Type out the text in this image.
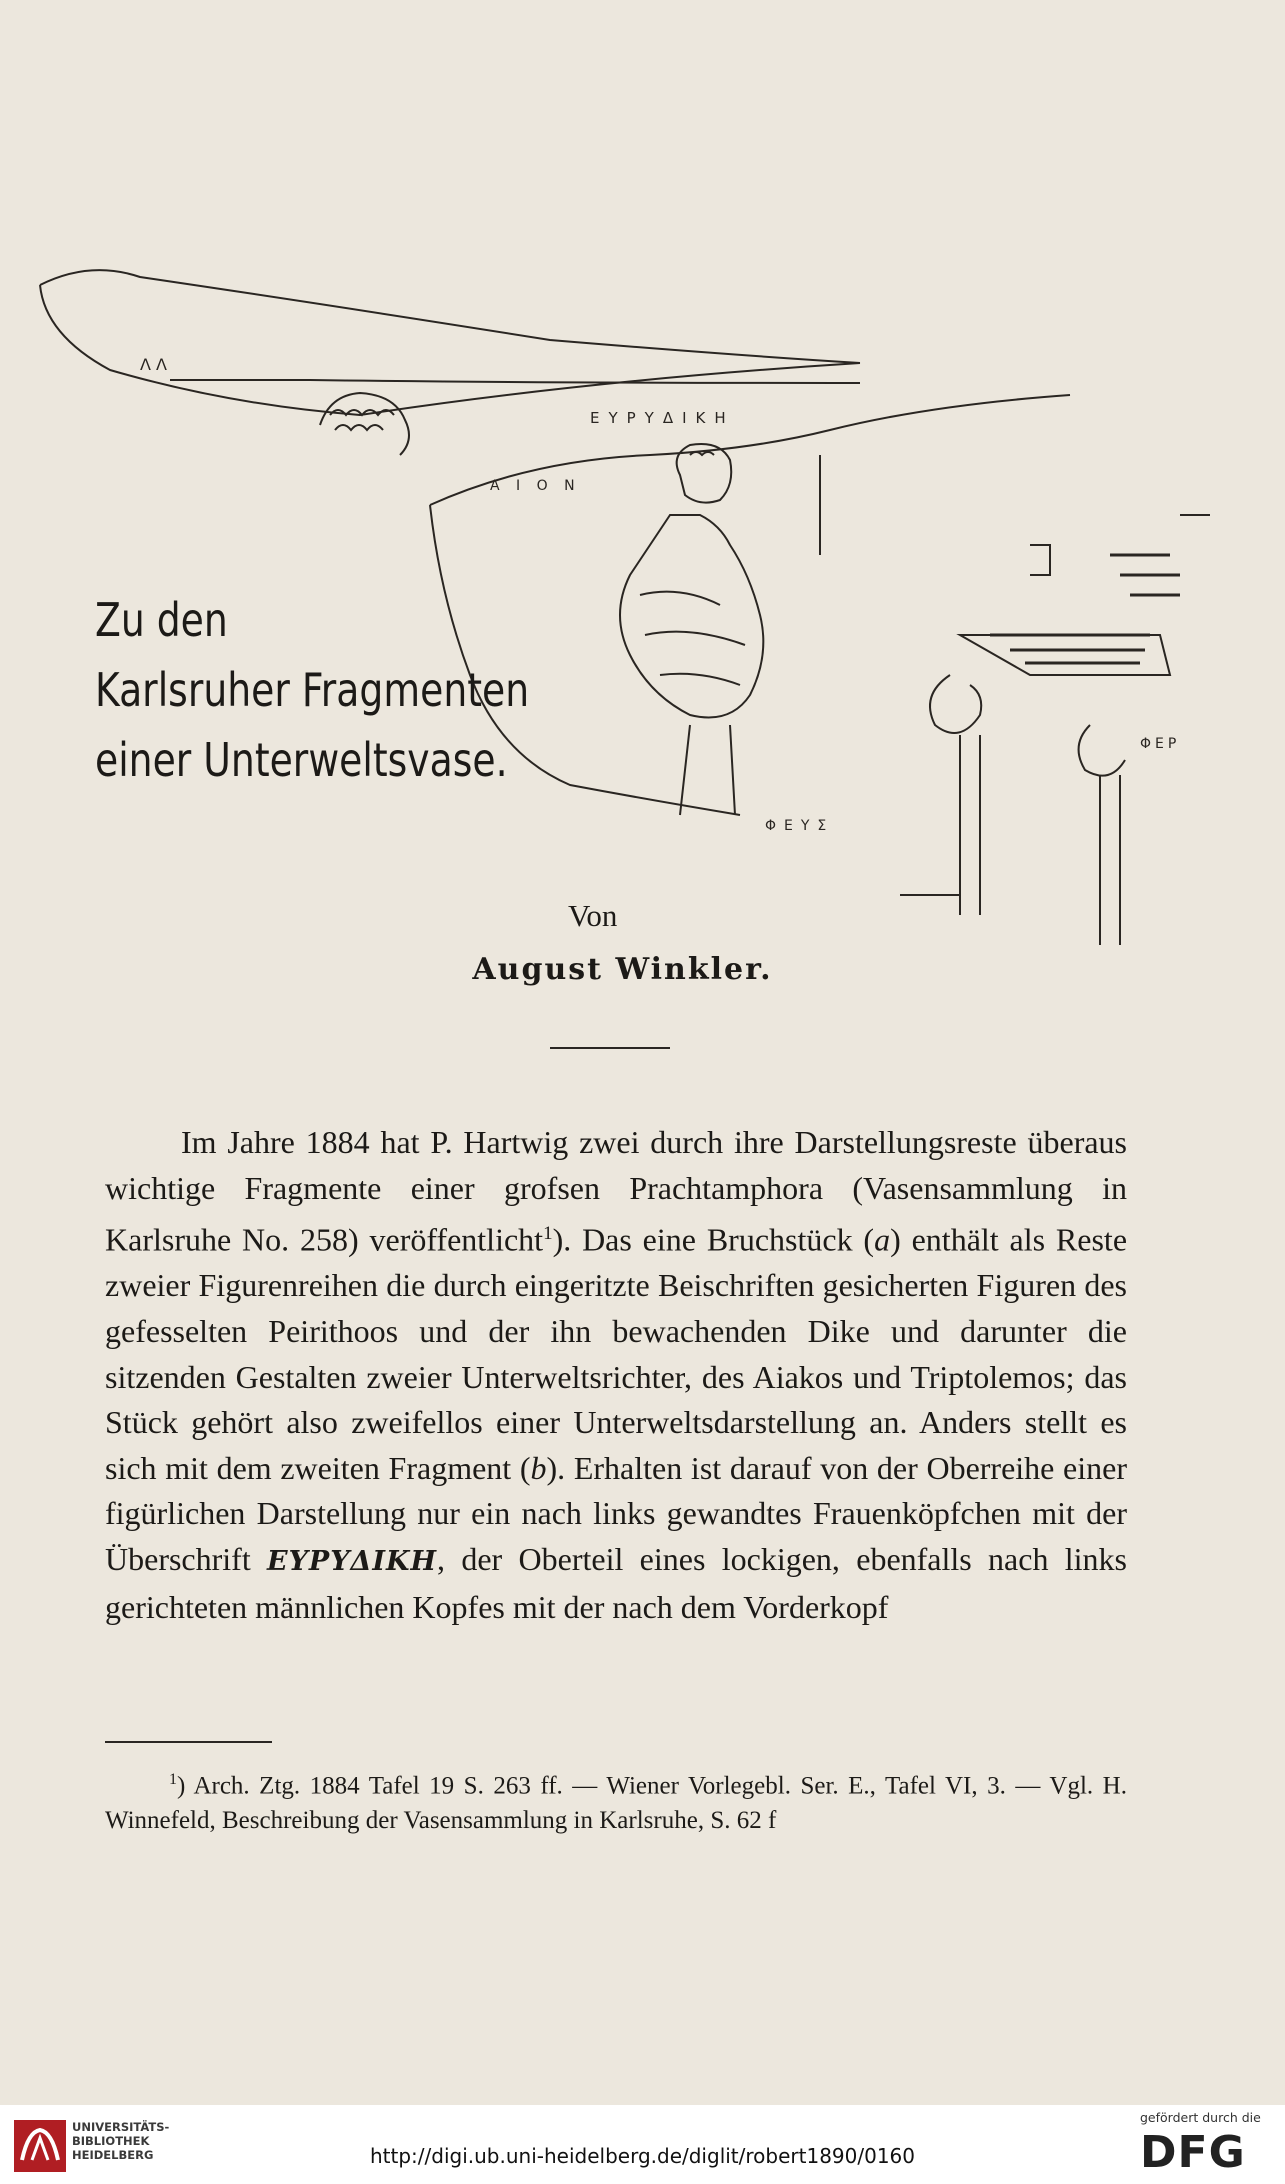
Λ Λ
ΕΥΡΥΔΙΚΗ
Α Ι Ο Ν
ΦΕΥΣ
ΦΕΡ
Zu den
Karlsruher Fragmenten
einer Unterweltsvase.
Von
August Winkler.

Im Jahre 1884 hat P. Hartwig zwei durch ihre Darstellungsreste überaus wichtige Fragmente einer grofsen Prachtamphora (Vasensammlung in Karlsruhe No. 258) veröffentlicht$^1$). Das eine Bruchstück (a) enthält als Reste zweier Figurenreihen die durch eingeritzte Beischriften gesicherten Figuren des gefesselten Peirithoos und der ihn bewachenden Dike und darunter die sitzenden Gestalten zweier Unterweltsrichter, des Aiakos und Triptolemos; das Stück gehört also zweifellos einer Unterweltsdarstellung an. Anders stellt es sich mit dem zweiten Fragment (b). Erhalten ist darauf von der Oberreihe einer figürlichen Darstellung nur ein nach links gewandtes Frauenköpfchen mit der Überschrift ΕΥΡΥΔΙΚΗ, der Oberteil eines lockigen, ebenfalls nach links gerichteten männlichen Kopfes mit der nach dem Vorderkopf

$^1$) Arch. Ztg. 1884 Tafel 19 S. 263 ff. — Wiener Vorlegebl. Ser. E., Tafel VI, 3. — Vgl. H. Winnefeld, Beschreibung der Vasensammlung in Karlsruhe, S. 62 f

UNIVERSITÄTS-
BIBLIOTHEK
HEIDELBERG	http://digi.ub.uni-heidelberg.de/diglit/robert1890/0160
gefördert durch die
DFG
